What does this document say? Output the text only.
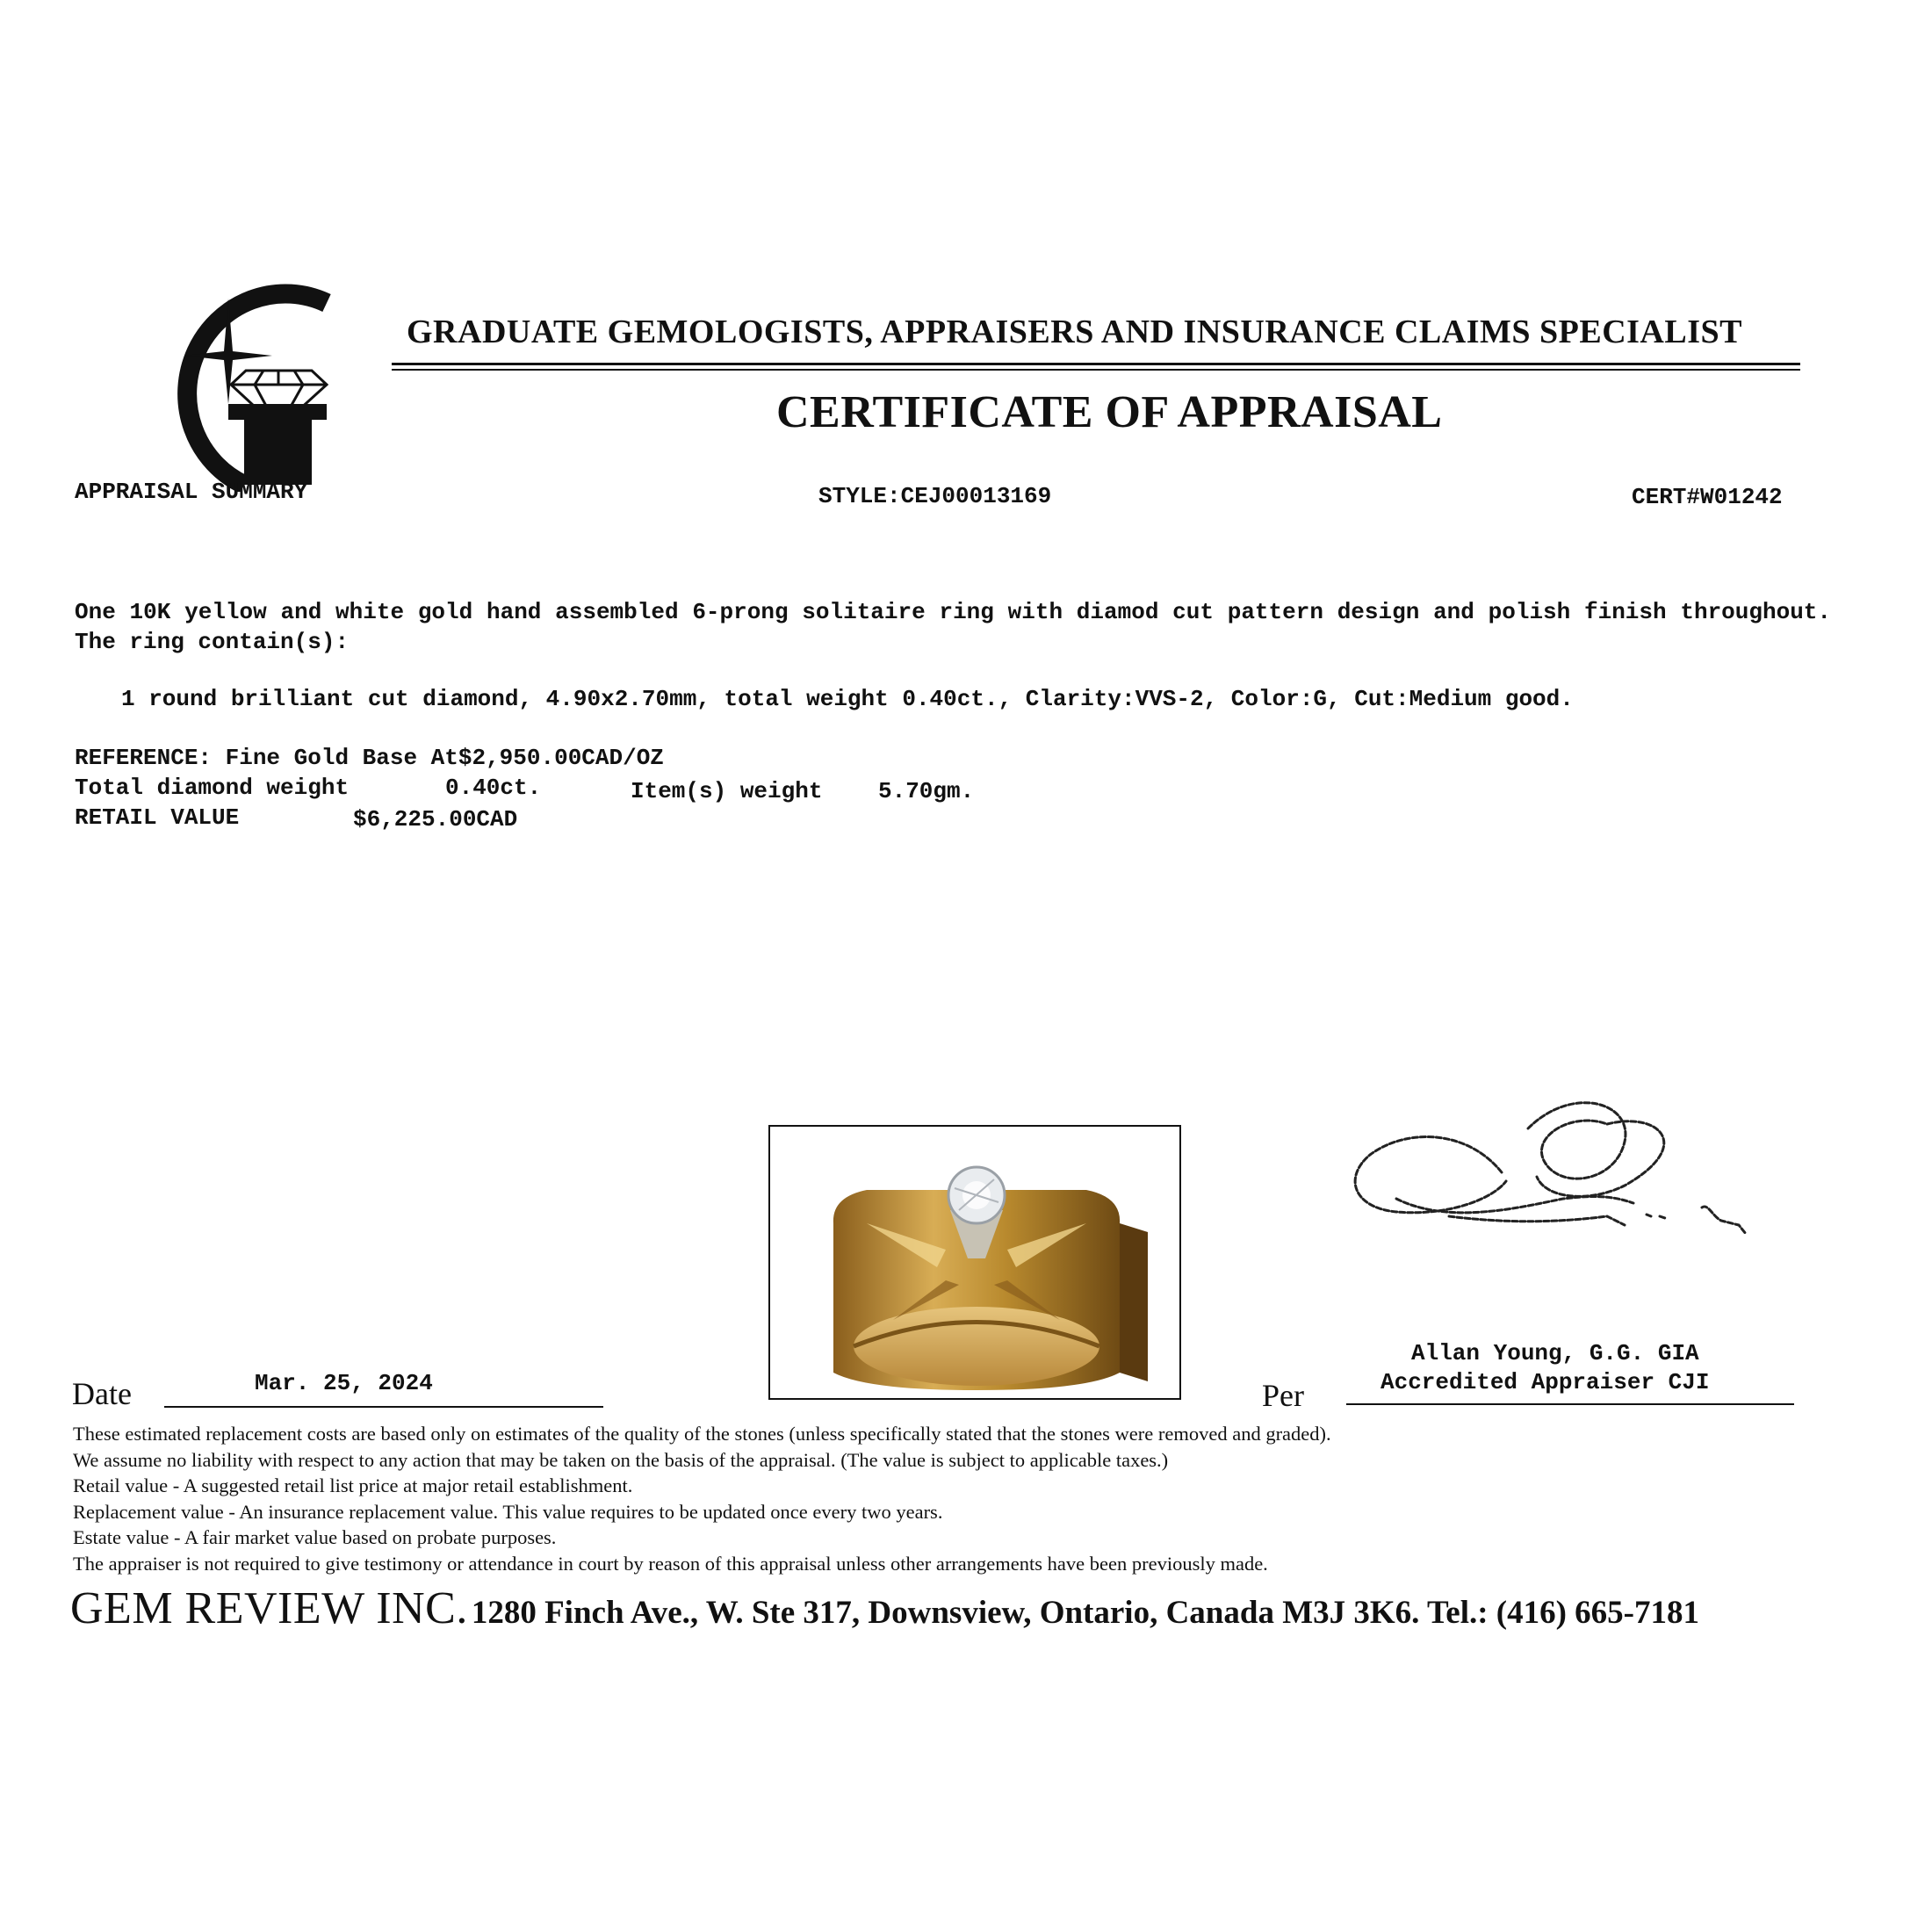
GRADUATE GEMOLOGISTS, APPRAISERS AND INSURANCE CLAIMS SPECIALIST
CERTIFICATE OF APPRAISAL
APPRAISAL SUMMARY	STYLE:CEJ00013169	CERT#W01242
One 10K yellow and white gold hand assembled 6-prong solitaire ring with diamod cut pattern design and polish finish throughout. The ring contain(s):
1 round brilliant cut diamond, 4.90x2.70mm, total weight 0.40ct., Clarity:VVS-2, Color:G, Cut:Medium good.
REFERENCE: Fine Gold Base At$2,950.00CAD/OZ
Total diamond weight	0.40ct.	Item(s) weight 5.70gm.
RETAIL VALUE	$6,225.00CAD
Date	Mar. 25, 2024	Per
Allan Young, G.G. GIA
Accredited Appraiser CJI
These estimated replacement costs are based only on estimates of the quality of the stones (unless specifically stated that the stones were removed and graded).
We assume no liability with respect to any action that may be taken on the basis of the appraisal. (The value is subject to applicable taxes.)
Retail value - A suggested retail list price at major retail establishment.
Replacement value - An insurance replacement value. This value requires to be updated once every two years.
Estate value - A fair market value based on probate purposes.
The appraiser is not required to give testimony or attendance in court by reason of this appraisal unless other arrangements have been previously made.
GEM REVIEW INC. 1280 Finch Ave., W. Ste 317, Downsview, Ontario, Canada M3J 3K6. Tel.: (416) 665-7181
